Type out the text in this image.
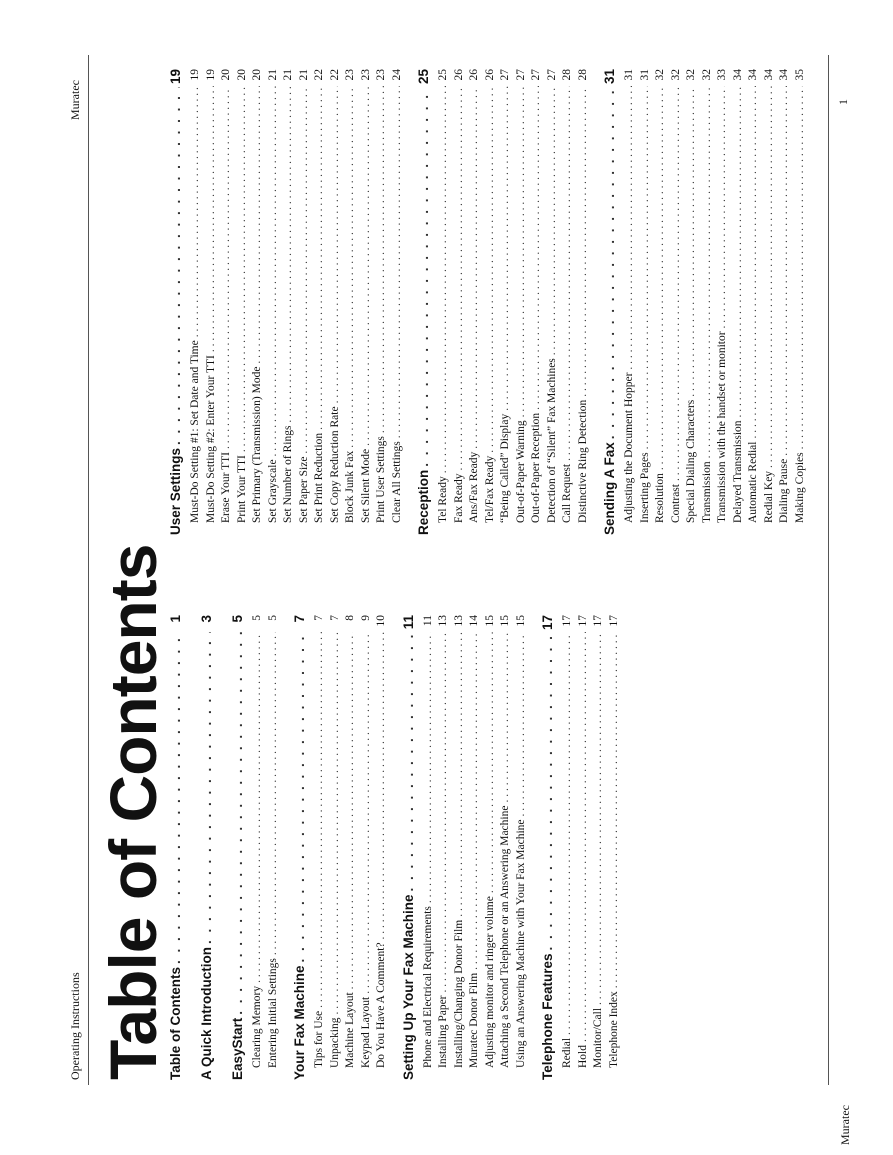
Operating Instructions
Muratec
Table of Contents
Table of Contents
. . .
1
A Quick Introduction
. . .
3
EasyStart
. . .
5
Clearing Memory
. . .
5
Entering Initial Settings
. . .
5
Your Fax Machine
. . .
7
Tips for Use
. . .
7
Unpacking
. . .
7
Machine Layout
. . .
8
Keypad Layout
. . .
9
Do You Have A Comment?
. . .
10
Setting Up Your Fax Machine
. . .
11
Phone and Electrical Requirements
. . .
11
Installing Paper
. . .
13
Installing/Changing Donor Film
. . .
13
Muratec Donor Film
. . .
14
Adjusting monitor and ringer volume
. . .
15
Attaching a Second Telephone or an Answering Machine
. . .
15
Using an Answering Machine with Your Fax Machine
. . .
15
Telephone Features
. . .
17
Redial
. . .
17
Hold
. . .
17
Monitor/Call
. . .
17
Telephone Index
. . .
17
User Settings
. . .
19
Must-Do Setting #1: Set Date and Time
. . .
19
Must-Do Setting #2: Enter Your TTI
. . .
19
Erase Your TTI
. . .
20
Print Your TTI
. . .
20
Set Primary (Transmission) Mode
. . .
20
Set Grayscale
. . .
21
Set Number of Rings
. . .
21
Set Paper Size
. . .
21
Set Print Reduction
. . .
22
Set Copy Reduction Rate
. . .
22
Block Junk Fax
. . .
23
Set Silent Mode
. . .
23
Print User Settings
. . .
23
Clear All Settings
. . .
24
Reception
. . .
25
Tel Ready
. . .
25
Fax Ready
. . .
26
Ans/Fax Ready
. . .
26
Tel/Fax Ready
. . .
26
“Being Called” Display
. . .
27
Out-of-Paper Warning
. . .
27
Out-of-Paper Reception
. . .
27
Detection of “Silent” Fax Machines
. . .
27
Call Request
. . .
28
Distinctive Ring Detection
. . .
28
Sending A Fax
. . .
31
Adjusting the Document Hopper
. . .
31
Inserting Pages
. . .
31
Resolution
. . .
32
Contrast
. . .
32
Special Dialing Characters
. . .
32
Transmission
. . .
32
Transmission with the handset or monitor
. . .
33
Delayed Transmission
. . .
34
Automatic Redial
. . .
34
Redial Key
. . .
34
Dialing Pause
. . .
34
Making Copies
. . .
35
Muratec
1
